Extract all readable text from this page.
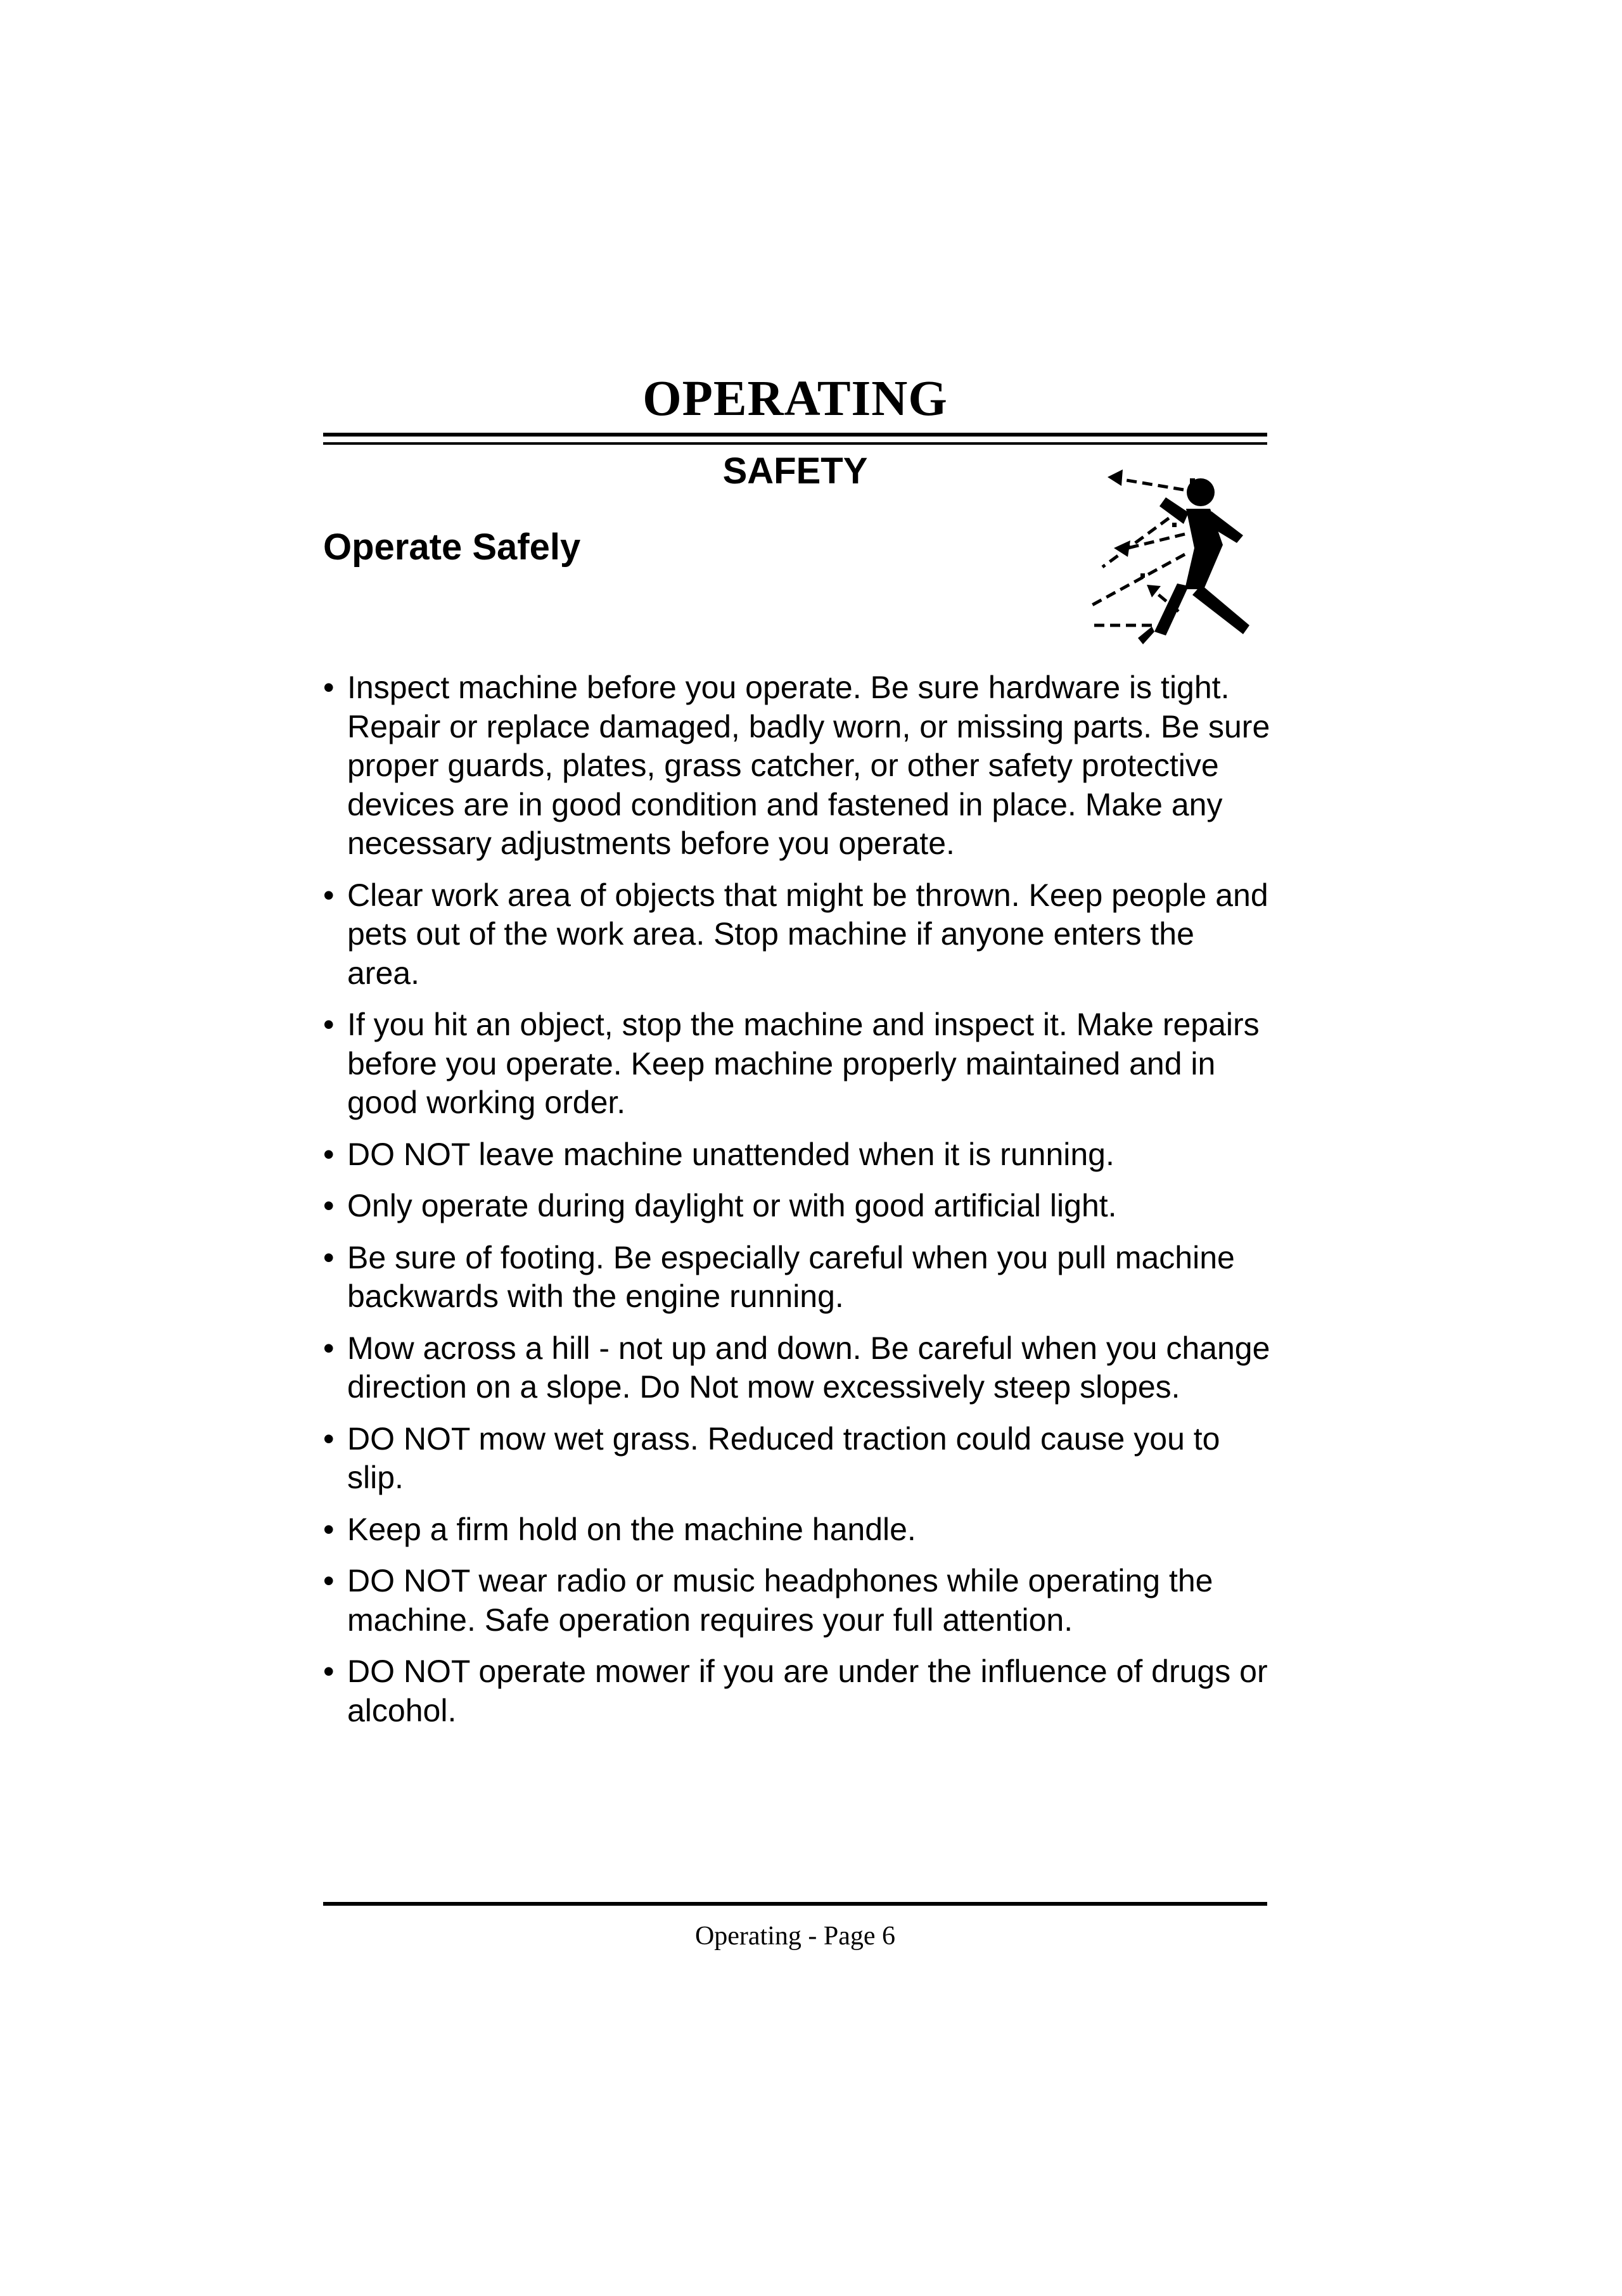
OPERATING
SAFETY
Operate Safely
• Inspect machine before you operate. Be sure hardware is tight. Repair or replace damaged, badly worn, or missing parts. Be sure proper guards, plates, grass catcher, or other safety protective devices are in good condition and fastened in place. Make any necessary adjustments before you operate.
• Clear work area of objects that might be thrown. Keep people and pets out of the work area. Stop machine if anyone enters the area.
• If you hit an object, stop the machine and inspect it. Make repairs before you operate. Keep machine properly maintained and in good working order.
• DO NOT leave machine unattended when it is running.
• Only operate during daylight or with good artificial light.
• Be sure of footing. Be especially careful when you pull machine backwards with the engine running.
• Mow across a hill - not up and down. Be careful when you change direction on a slope. Do Not mow excessively steep slopes.
• DO NOT mow wet grass. Reduced traction could cause you to slip.
• Keep a firm hold on the machine handle.
• DO NOT wear radio or music headphones while operating the machine. Safe operation requires your full attention.
• DO NOT operate mower if you are under the influence of drugs or alcohol.
Operating - Page 6
